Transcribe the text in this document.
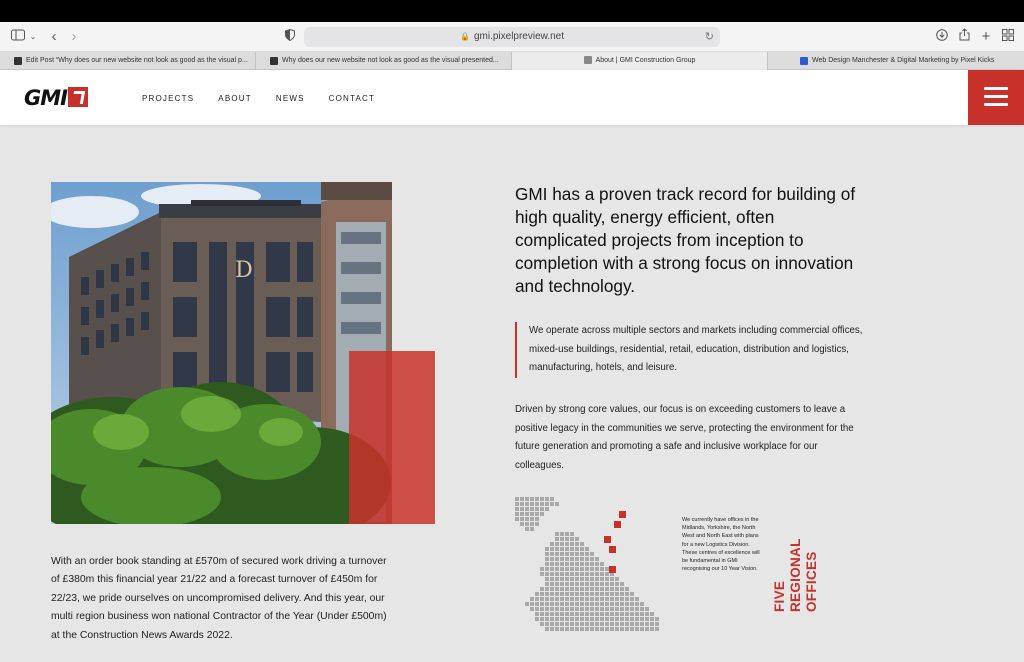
⌄ ‹ ›	🔒 gmi.pixelpreview.net	↻	+
Edit Post “Why does our new website not look as good as the visual p...	Why does our new website not look as good as the visual presented...	About | GMI Construction Group	Web Design Manchester & Digital Marketing by Pixel Kicks
GMI	PROJECTS	ABOUT	NEWS	CONTACT
D

With an order book standing at £570m of secured work driving a turnover of £380m this financial year 21/22 and a forecast turnover of £450m for 22/23, we pride ourselves on uncompromised delivery. And this year, our multi region business won national Contractor of the Year (Under £500m) at the Construction News Awards 2022.

GMI has a proven track record for building of high quality, energy efficient, often complicated projects from inception to completion with a strong focus on innovation and technology.

We operate across multiple sectors and markets including commercial offices, mixed-use buildings, residential, retail, education, distribution and logistics, manufacturing, hotels, and leisure.

Driven by strong core values, our focus is on exceeding customers to leave a positive legacy in the communities we serve, protecting the environment for the future generation and promoting a safe and inclusive workplace for our colleagues.

We currently have offices in the Midlands, Yorkshire, the North West and North East with plans for a new Logistics Division. These centres of excellence will be fundamental in GMI recognising our 10 Year Vision.

FIVE REGIONAL OFFICES
